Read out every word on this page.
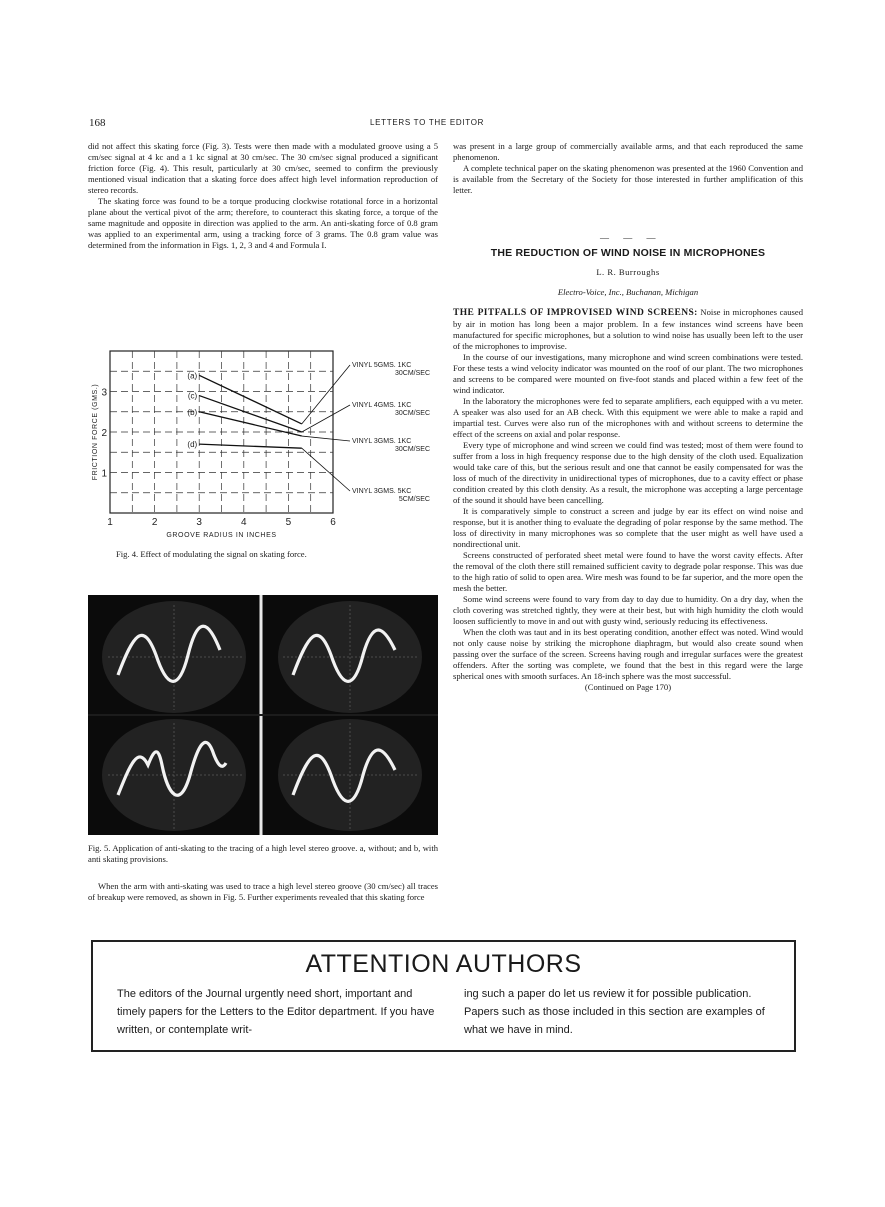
168	LETTERS TO THE EDITOR

did not affect this skating force (Fig. 3). Tests were then made with a modulated groove using a 5 cm/sec signal at 4 kc and a 1 kc signal at 30 cm/sec. The 30 cm/sec signal produced a significant friction force (Fig. 4). This result, particularly at 30 cm/sec, seemed to confirm the previously mentioned visual indication that a skating force does affect high level information reproduction of stereo records.

The skating force was found to be a torque producing clockwise rotational force in a horizontal plane about the vertical pivot of the arm; therefore, to counteract this skating force, a torque of the same magnitude and opposite in direction was applied to the arm. An anti-skating force of 0.8 gram was applied to an experimental arm, using a tracking force of 3 grams. The 0.8 gram value was determined from the information in Figs. 1, 2, 3 and 4 and Formula I.

1	2	3	4	5	6
1
2
3
GROOVE RADIUS IN INCHES
FRICTION FORCE (GMS.)
(a)
VINYL 5GMS. 1KC
30CM/SEC
(c)
VINYL 4GMS. 1KC
30CM/SEC
(b)
VINYL 3GMS. 1KC
30CM/SEC
(d)
VINYL 3GMS. 5KC
5CM/SEC
Fig. 4. Effect of modulating the signal on skating force.
Fig. 5. Application of anti-skating to the tracing of a high level stereo groove. a, without; and b, with anti skating provisions.

When the arm with anti-skating was used to trace a high level stereo groove (30 cm/sec) all traces of breakup were removed, as shown in Fig. 5. Further experiments revealed that this skating force

was present in a large group of commercially available arms, and that each reproduced the same phenomenon.

A complete technical paper on the skating phenomenon was presented at the 1960 Convention and is available from the Secretary of the Society for those interested in further amplification of this letter.

— — —
THE REDUCTION OF WIND NOISE IN MICROPHONES
L. R. Burroughs
Electro-Voice, Inc., Buchanan, Michigan

THE PITFALLS OF IMPROVISED WIND SCREENS: Noise in microphones caused by air in motion has long been a major problem. In a few instances wind screens have been manufactured for specific microphones, but a solution to wind noise has usually been left to the user of the microphones to improvise.

In the course of our investigations, many microphone and wind screen combinations were tested. For these tests a wind velocity indicator was mounted on the roof of our plant. The two microphones and screens to be compared were mounted on five-foot stands and placed within a few feet of the wind indicator.

In the laboratory the microphones were fed to separate amplifiers, each equipped with a vu meter. A speaker was also used for an AB check. With this equipment we were able to make a rapid and impartial test. Curves were also run of the microphones with and without screens to determine the effect of the screens on axial and polar response.

Every type of microphone and wind screen we could find was tested; most of them were found to suffer from a loss in high frequency response due to the high density of the cloth used. Equalization would take care of this, but the serious result and one that cannot be easily compensated for was the loss of much of the directivity in unidirectional types of microphones, due to a cavity effect or phase condition created by this cloth density. As a result, the microphone was accepting a large percentage of the sound it should have been cancelling.

It is comparatively simple to construct a screen and judge by ear its effect on wind noise and response, but it is another thing to evaluate the degrading of polar response by the same method. The loss of directivity in many microphones was so complete that the user might as well have used a nondirectional unit.

Screens constructed of perforated sheet metal were found to have the worst cavity effects. After the removal of the cloth there still remained sufficient cavity to degrade polar response. This was due to the high ratio of solid to open area. Wire mesh was found to be far superior, and the more open the mesh the better.

Some wind screens were found to vary from day to day due to humidity. On a dry day, when the cloth covering was stretched tightly, they were at their best, but with high humidity the cloth would loosen sufficiently to move in and out with gusty wind, seriously reducing its effectiveness.

When the cloth was taut and in its best operating condition, another effect was noted. Wind would not only cause noise by striking the microphone diaphragm, but would also create sound when passing over the surface of the screen. Screens having rough and irregular surfaces were the greatest offenders. After the sorting was complete, we found that the best in this regard were the large spherical ones with smooth surfaces. An 18-inch sphere was the most successful.

(Continued on Page 170)

ATTENTION AUTHORS
The editors of the Journal urgently need short, important and timely papers for the Letters to the Editor department. If you have written, or contemplate writ-
ing such a paper do let us review it for possible publication. Papers such as those included in this section are examples of what we have in mind.
